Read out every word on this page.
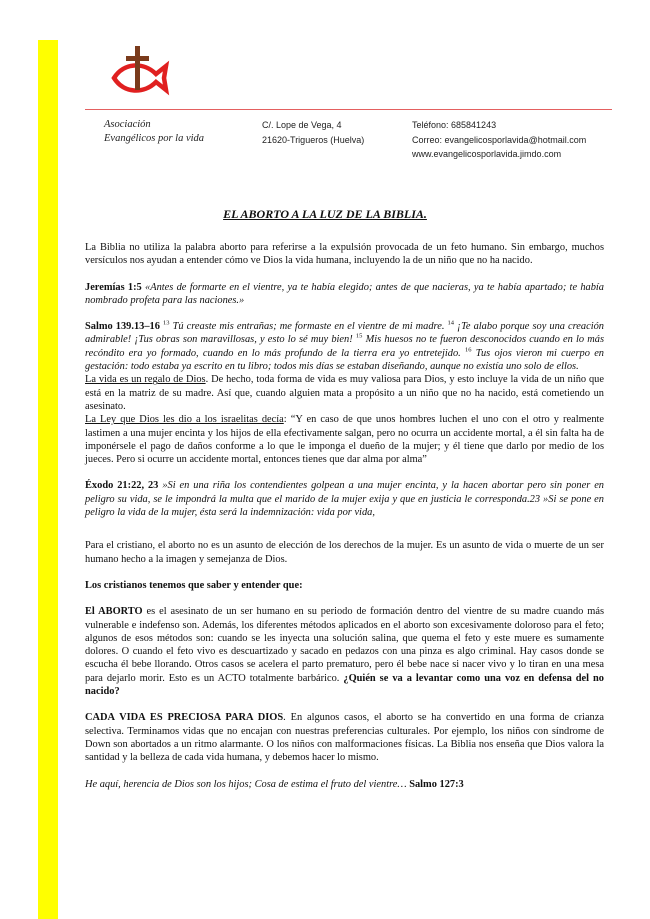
Asociación
Evangélicos por la vida
C/. Lope de Vega, 4
21620-Trigueros (Huelva)
Teléfono: 685841243
Correo: evangelicosporlavida@hotmail.com
www.evangelicosporlavida.jimdo.com
EL ABORTO A LA LUZ DE LA BIBLIA.

La Biblia no utiliza la palabra aborto para referirse a la expulsión provocada de un feto humano. Sin embargo, muchos versículos nos ayudan a entender cómo ve Dios la vida humana, incluyendo la de un niño que no ha nacido.

Jeremías 1:5 «Antes de formarte en el vientre, ya te había elegido; antes de que nacieras, ya te había apartado; te había nombrado profeta para las naciones.»

Salmo 139.13–16 $^{13}$ Tú creaste mis entrañas; me formaste en el vientre de mi madre. $^{14}$ ¡Te alabo porque soy una creación admirable! ¡Tus obras son maravillosas, y esto lo sé muy bien! $^{15}$ Mis huesos no te fueron desconocidos cuando en lo más recóndito era yo formado, cuando en lo más profundo de la tierra era yo entretejido. $^{16}$ Tus ojos vieron mi cuerpo en gestación: todo estaba ya escrito en tu libro; todos mis días se estaban diseñando, aunque no existía uno solo de ellos.

La vida es un regalo de Dios. De hecho, toda forma de vida es muy valiosa para Dios, y esto incluye la vida de un niño que está en la matriz de su madre. Así que, cuando alguien mata a propósito a un niño que no ha nacido, está cometiendo un asesinato.

La Ley que Dios les dio a los israelitas decía: “Y en caso de que unos hombres luchen el uno con el otro y realmente lastimen a una mujer encinta y los hijos de ella efectivamente salgan, pero no ocurra un accidente mortal, a él sin falta ha de imponérsele el pago de daños conforme a lo que le imponga el dueño de la mujer; y él tiene que darlo por medio de los jueces. Pero si ocurre un accidente mortal, entonces tienes que dar alma por alma”

Éxodo 21:22, 23 »Si en una riña los contendientes golpean a una mujer encinta, y la hacen abortar pero sin poner en peligro su vida, se le impondrá la multa que el marido de la mujer exija y que en justicia le corresponda.23 »Si se pone en peligro la vida de la mujer, ésta será la indemnización: vida por vida,

Para el cristiano, el aborto no es un asunto de elección de los derechos de la mujer. Es un asunto de vida o muerte de un ser humano hecho a la imagen y semejanza de Dios.

Los cristianos tenemos que saber y entender que:

El ABORTO es el asesinato de un ser humano en su periodo de formación dentro del vientre de su madre cuando más vulnerable e indefenso son. Además, los diferentes métodos aplicados en el aborto son excesivamente doloroso para el feto; algunos de esos métodos son: cuando se les inyecta una solución salina, que quema el feto y este muere es sumamente dolores. O cuando el feto vivo es descuartizado y sacado en pedazos con una pinza es algo criminal. Hay casos donde se escucha él bebe llorando. Otros casos se acelera el parto prematuro, pero él bebe nace si nacer vivo y lo tiran en una mesa para dejarlo morir. Esto es un ACTO totalmente barbárico. ¿Quién se va a levantar como una voz en defensa del no nacido?

CADA VIDA ES PRECIOSA PARA DIOS. En algunos casos, el aborto se ha convertido en una forma de crianza selectiva. Terminamos vidas que no encajan con nuestras preferencias culturales. Por ejemplo, los niños con síndrome de Down son abortados a un ritmo alarmante. O los niños con malformaciones físicas. La Biblia nos enseña que Dios valora la santidad y la belleza de cada vida humana, y debemos hacer lo mismo.

He aquí, herencia de Dios son los hijos; Cosa de estima el fruto del vientre… Salmo 127:3
